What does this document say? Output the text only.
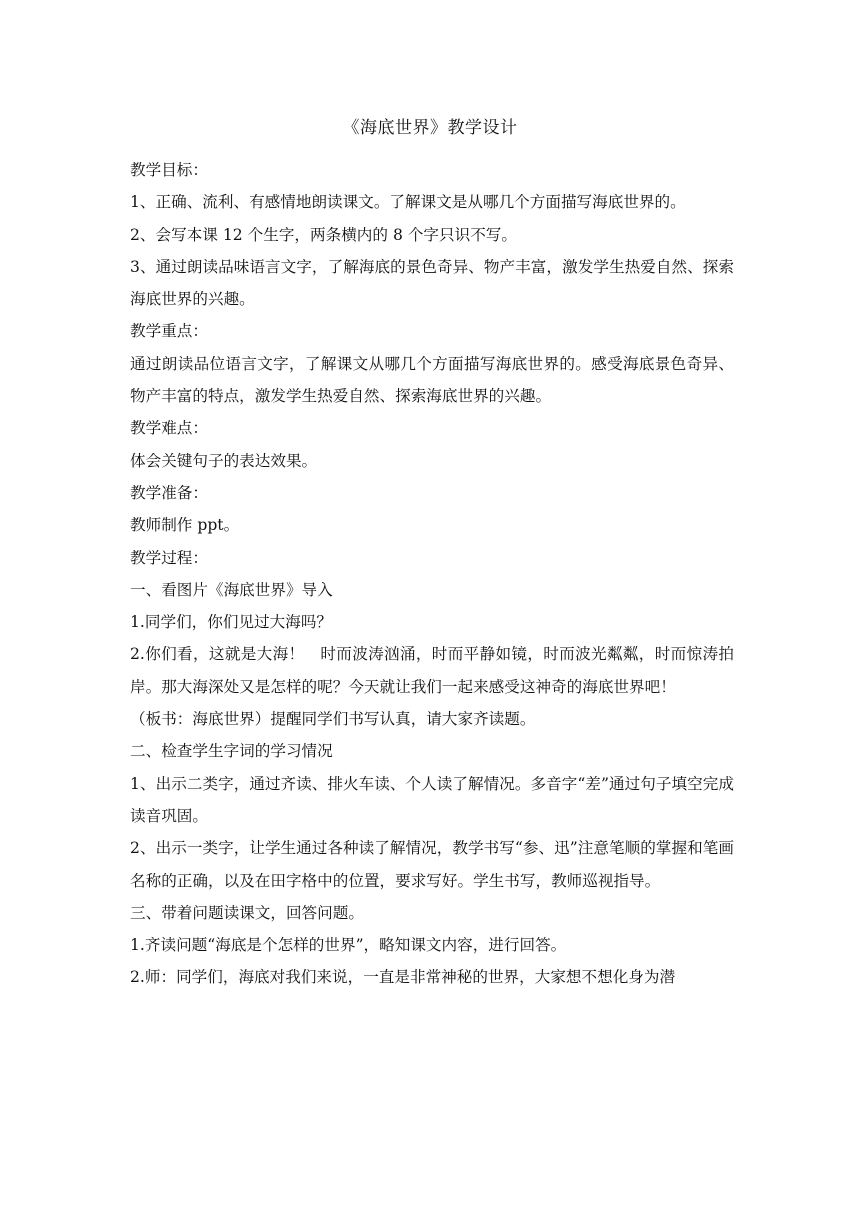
《海底世界》教学设计

教学目标：

1、正确、流利、有感情地朗读课文。了解课文是从哪几个方面描写海底世界的。

2、会写本课 12 个生字，两条横内的 8 个字只识不写。

3、通过朗读品味语言文字，了解海底的景色奇异、物产丰富，激发学生热爱自然、探索海底世界的兴趣。

教学重点：

通过朗读品位语言文字，了解课文从哪几个方面描写海底世界的。感受海底景色奇异、物产丰富的特点，激发学生热爱自然、探索海底世界的兴趣。

教学难点：

体会关键句子的表达效果。

教学准备：

教师制作 ppt。

教学过程：

一、看图片《海底世界》导入

1.同学们，你们见过大海吗？

2.你们看，这就是大海！　时而波涛汹涌，时而平静如镜，时而波光粼粼，时而惊涛拍岸。那大海深处又是怎样的呢？今天就让我们一起来感受这神奇的海底世界吧！

（板书：海底世界）提醒同学们书写认真，请大家齐读题。

二、检查学生字词的学习情况

1、出示二类字，通过齐读、排火车读、个人读了解情况。多音字“差”通过句子填空完成读音巩固。

2、出示一类字，让学生通过各种读了解情况，教学书写“参、迅”注意笔顺的掌握和笔画名称的正确，以及在田字格中的位置，要求写好。学生书写，教师巡视指导。

三、带着问题读课文，回答问题。

1.齐读问题“海底是个怎样的世界”，略知课文内容，进行回答。

2.师：同学们，海底对我们来说，一直是非常神秘的世界，大家想不想化身为潜
